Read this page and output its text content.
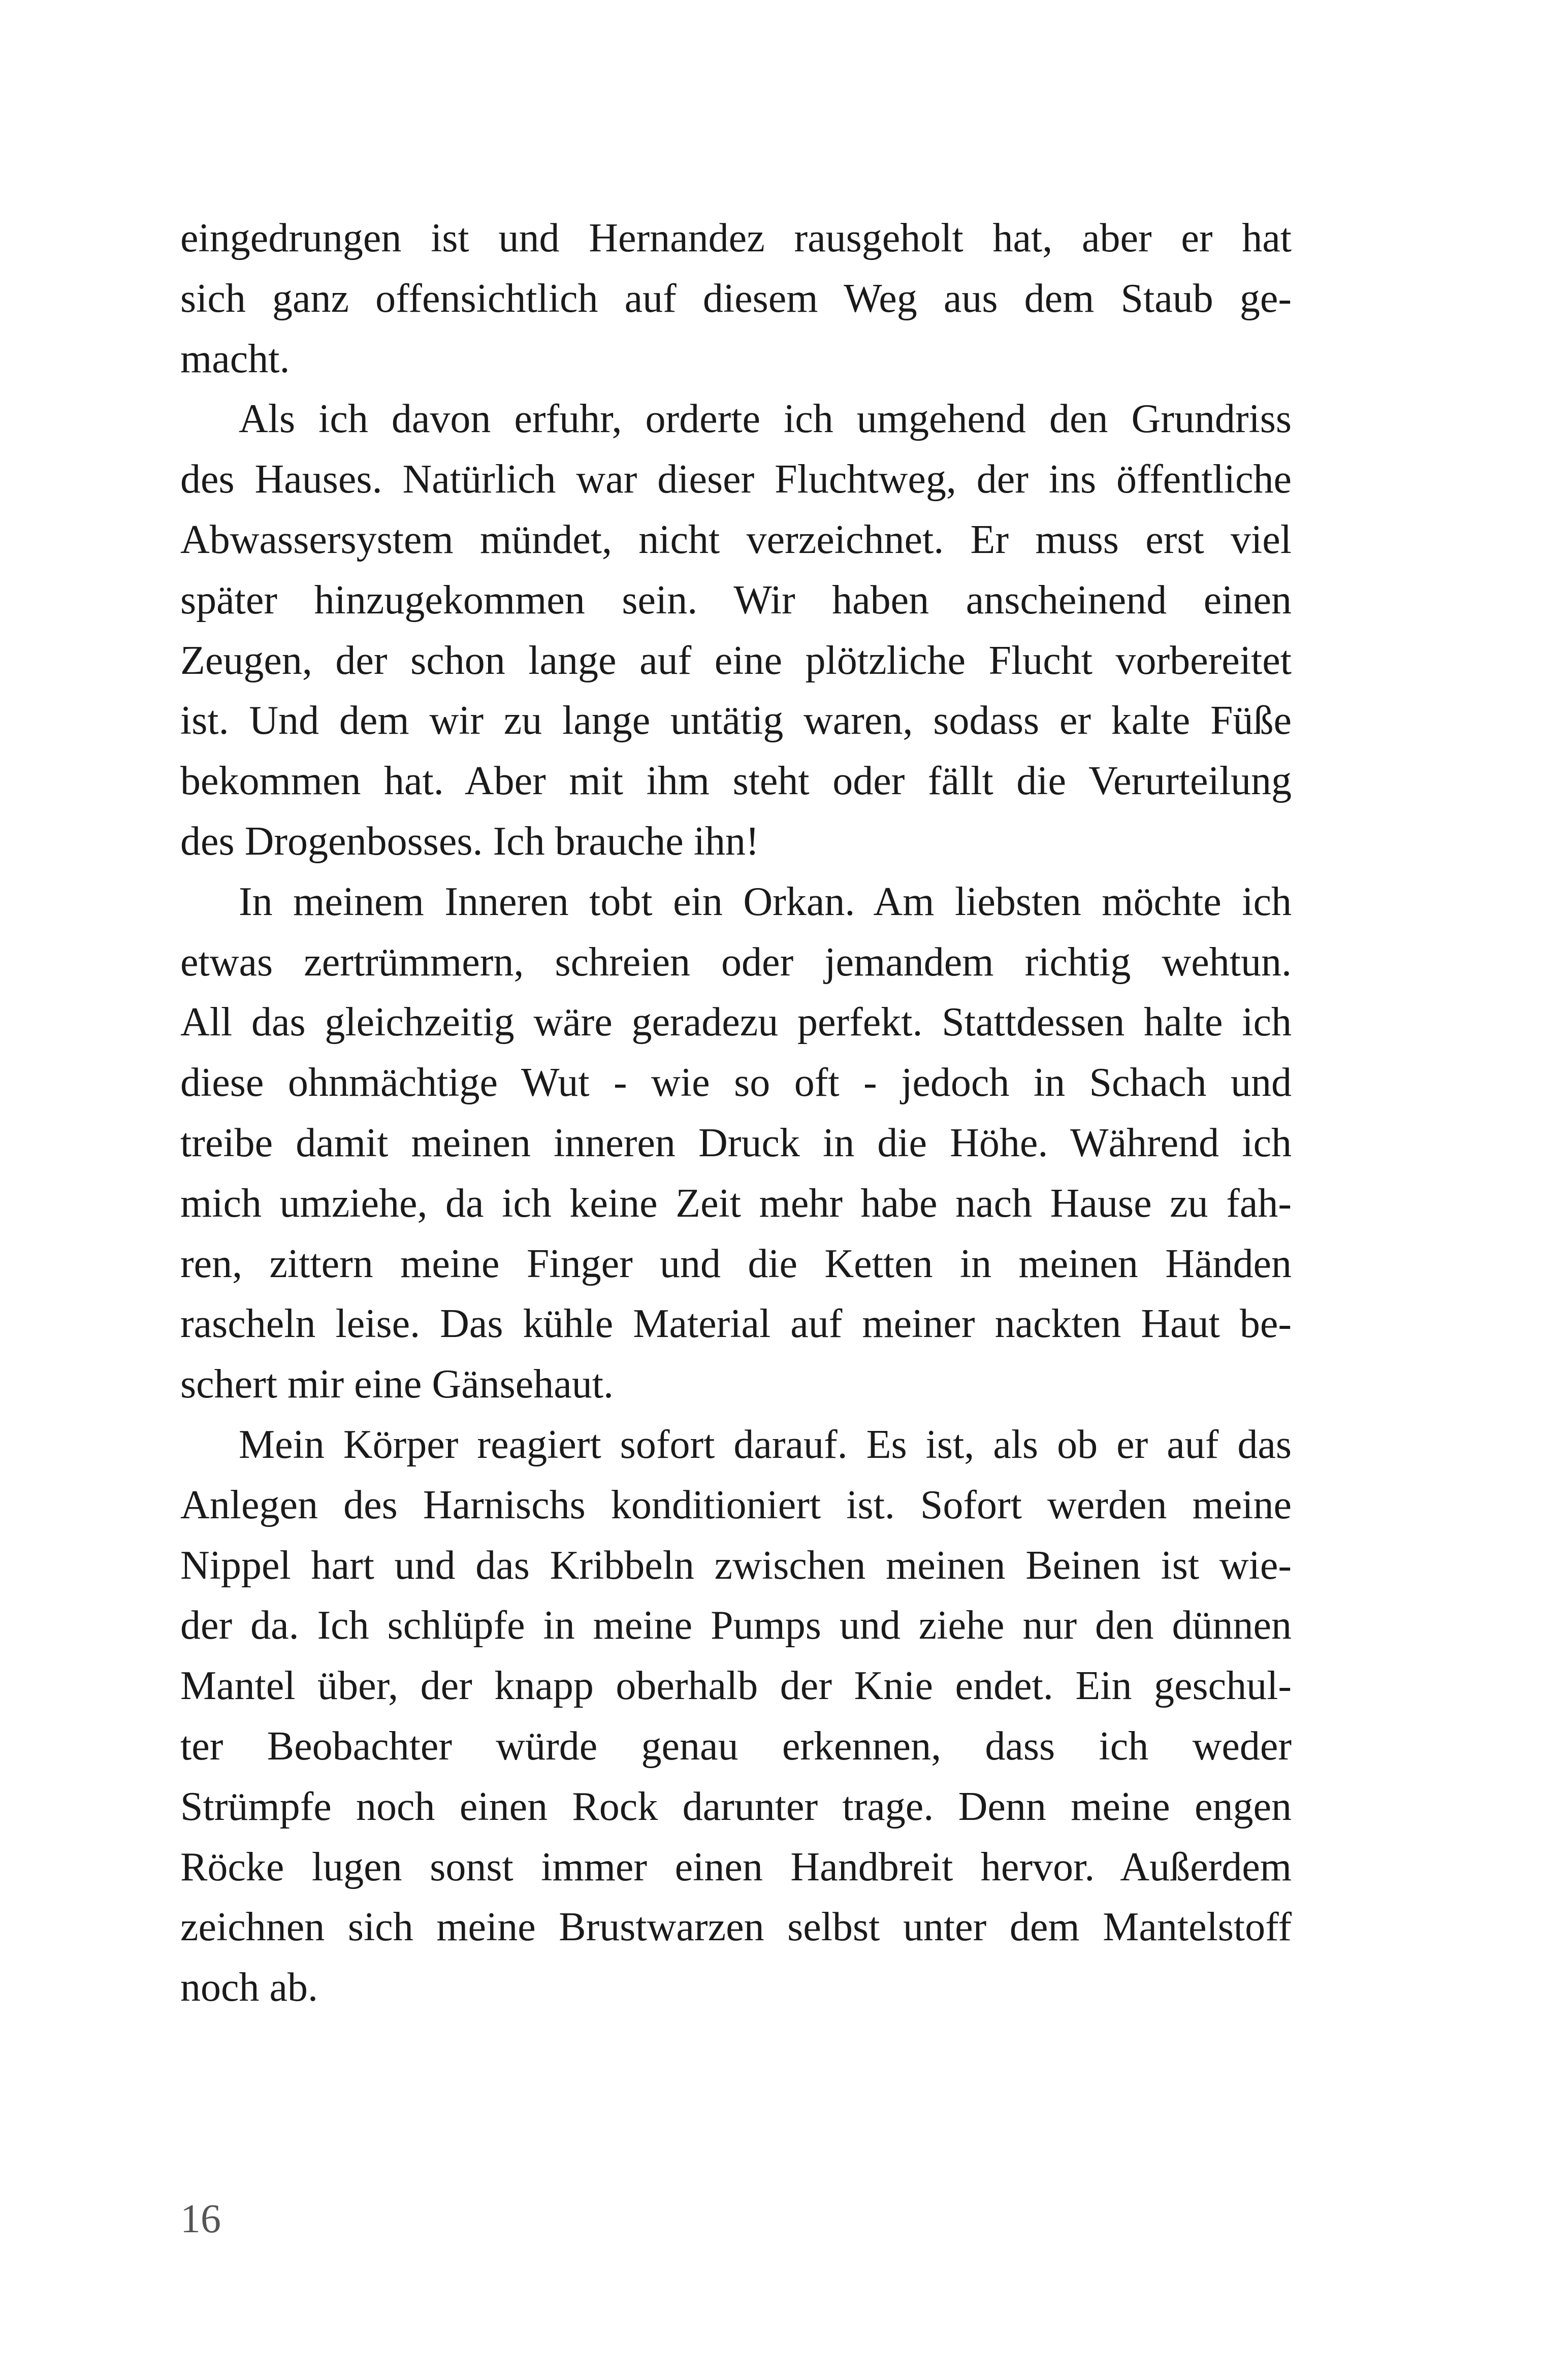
eingedrungen ist und Hernandez rausgeholt hat, aber er hat
sich ganz offensichtlich auf diesem Weg aus dem Staub ge-
macht.
Als ich davon erfuhr, orderte ich umgehend den Grundriss
des Hauses. Natürlich war dieser Fluchtweg, der ins öffentliche
Abwassersystem mündet, nicht verzeichnet. Er muss erst viel
später hinzugekommen sein. Wir haben anscheinend einen
Zeugen, der schon lange auf eine plötzliche Flucht vorbereitet
ist. Und dem wir zu lange untätig waren, sodass er kalte Füße
bekommen hat. Aber mit ihm steht oder fällt die Verurteilung
des Drogenbosses. Ich brauche ihn!
In meinem Inneren tobt ein Orkan. Am liebsten möchte ich
etwas zertrümmern, schreien oder jemandem richtig wehtun.
All das gleichzeitig wäre geradezu perfekt. Stattdessen halte ich
diese ohnmächtige Wut - wie so oft - jedoch in Schach und
treibe damit meinen inneren Druck in die Höhe. Während ich
mich umziehe, da ich keine Zeit mehr habe nach Hause zu fah-
ren, zittern meine Finger und die Ketten in meinen Händen
rascheln leise. Das kühle Material auf meiner nackten Haut be-
schert mir eine Gänsehaut.
Mein Körper reagiert sofort darauf. Es ist, als ob er auf das
Anlegen des Harnischs konditioniert ist. Sofort werden meine
Nippel hart und das Kribbeln zwischen meinen Beinen ist wie-
der da. Ich schlüpfe in meine Pumps und ziehe nur den dünnen
Mantel über, der knapp oberhalb der Knie endet. Ein geschul-
ter Beobachter würde genau erkennen, dass ich weder
Strümpfe noch einen Rock darunter trage. Denn meine engen
Röcke lugen sonst immer einen Handbreit hervor. Außerdem
zeichnen sich meine Brustwarzen selbst unter dem Mantelstoff
noch ab.
16
